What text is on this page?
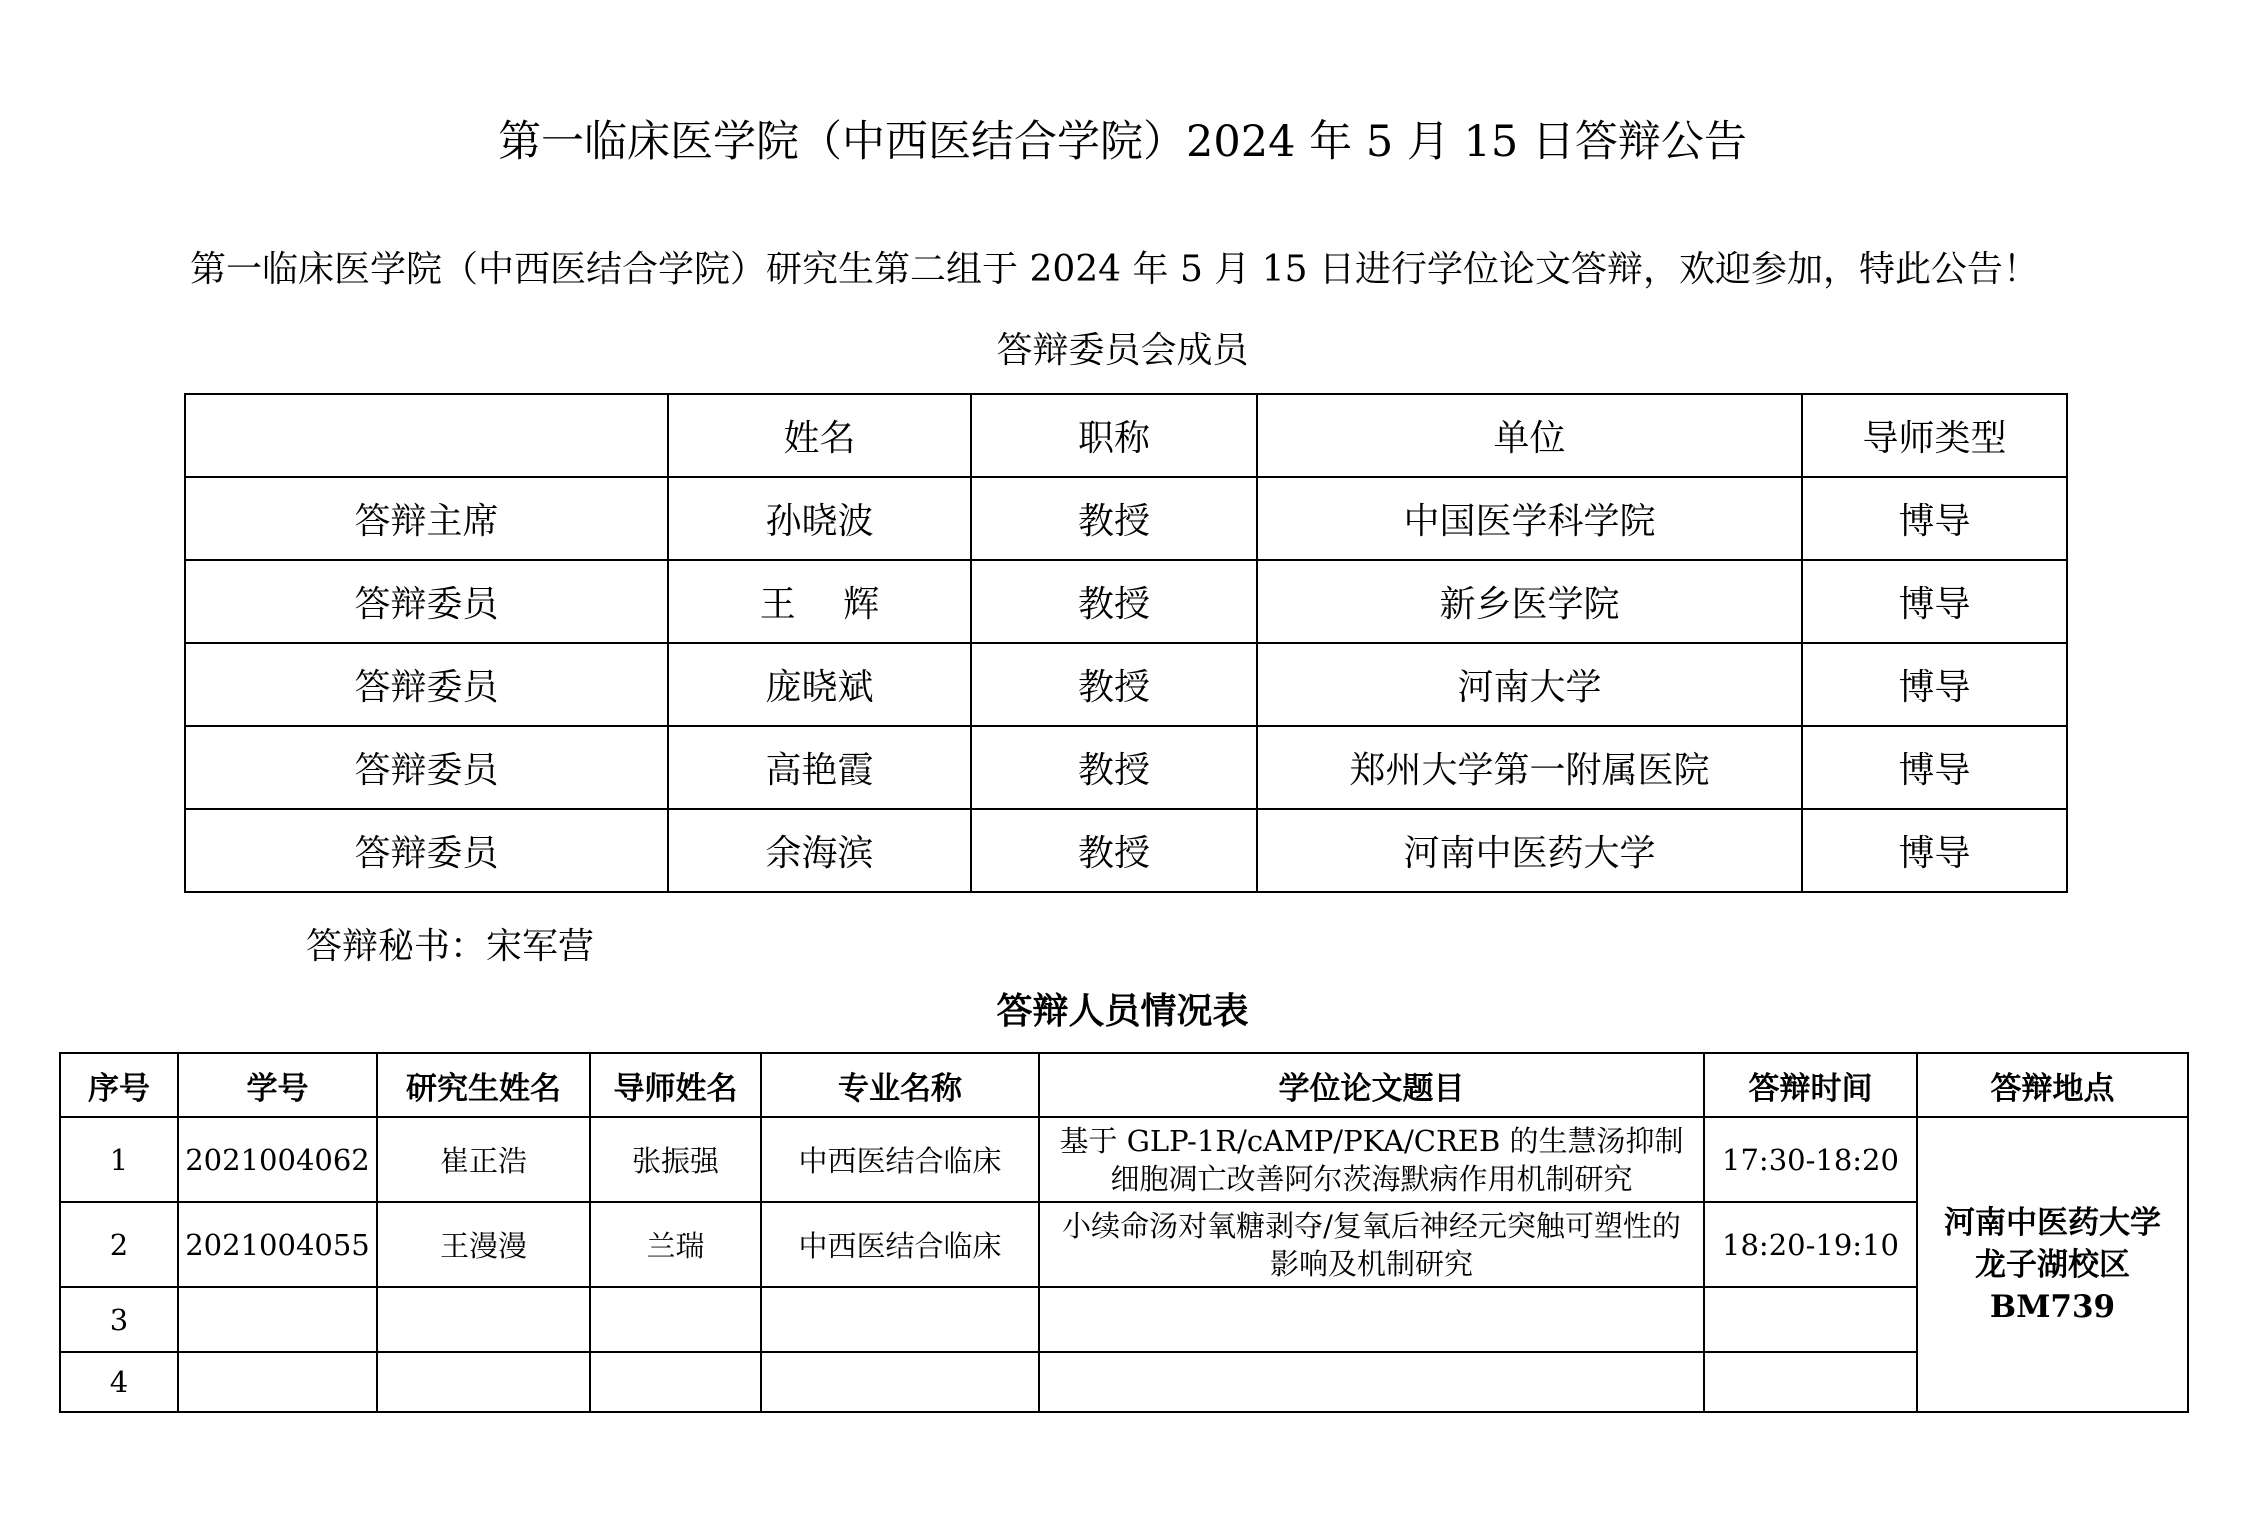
第一临床医学院（中西医结合学院）2024 年 5 月 15 日答辩公告
第一临床医学院（中西医结合学院）研究生第二组于 2024 年 5 月 15 日进行学位论文答辩，欢迎参加，特此公告！
答辩委员会成员
	姓名	职称	单位	导师类型
答辩主席	孙晓波	教授	中国医学科学院	博导
答辩委员	王　 辉	教授	新乡医学院	博导
答辩委员	庞晓斌	教授	河南大学	博导
答辩委员	高艳霞	教授	郑州大学第一附属医院	博导
答辩委员	余海滨	教授	河南中医药大学	博导
答辩秘书：宋军营
答辩人员情况表
序号	学号	研究生姓名	导师姓名	专业名称	学位论文题目	答辩时间	答辩地点
1	2021004062	崔正浩	张振强	中西医结合临床	基于 GLP-1R/cAMP/PKA/CREB 的生慧汤抑制细胞凋亡改善阿尔茨海默病作用机制研究	17:30-18:20	河南中医药大学
龙子湖校区
BM739

2	2021004055	王漫漫	兰瑞	中西医结合临床	小续命汤对氧糖剥夺/复氧后神经元突触可塑性的影响及机制研究	18:20-19:10	
3							
4							
